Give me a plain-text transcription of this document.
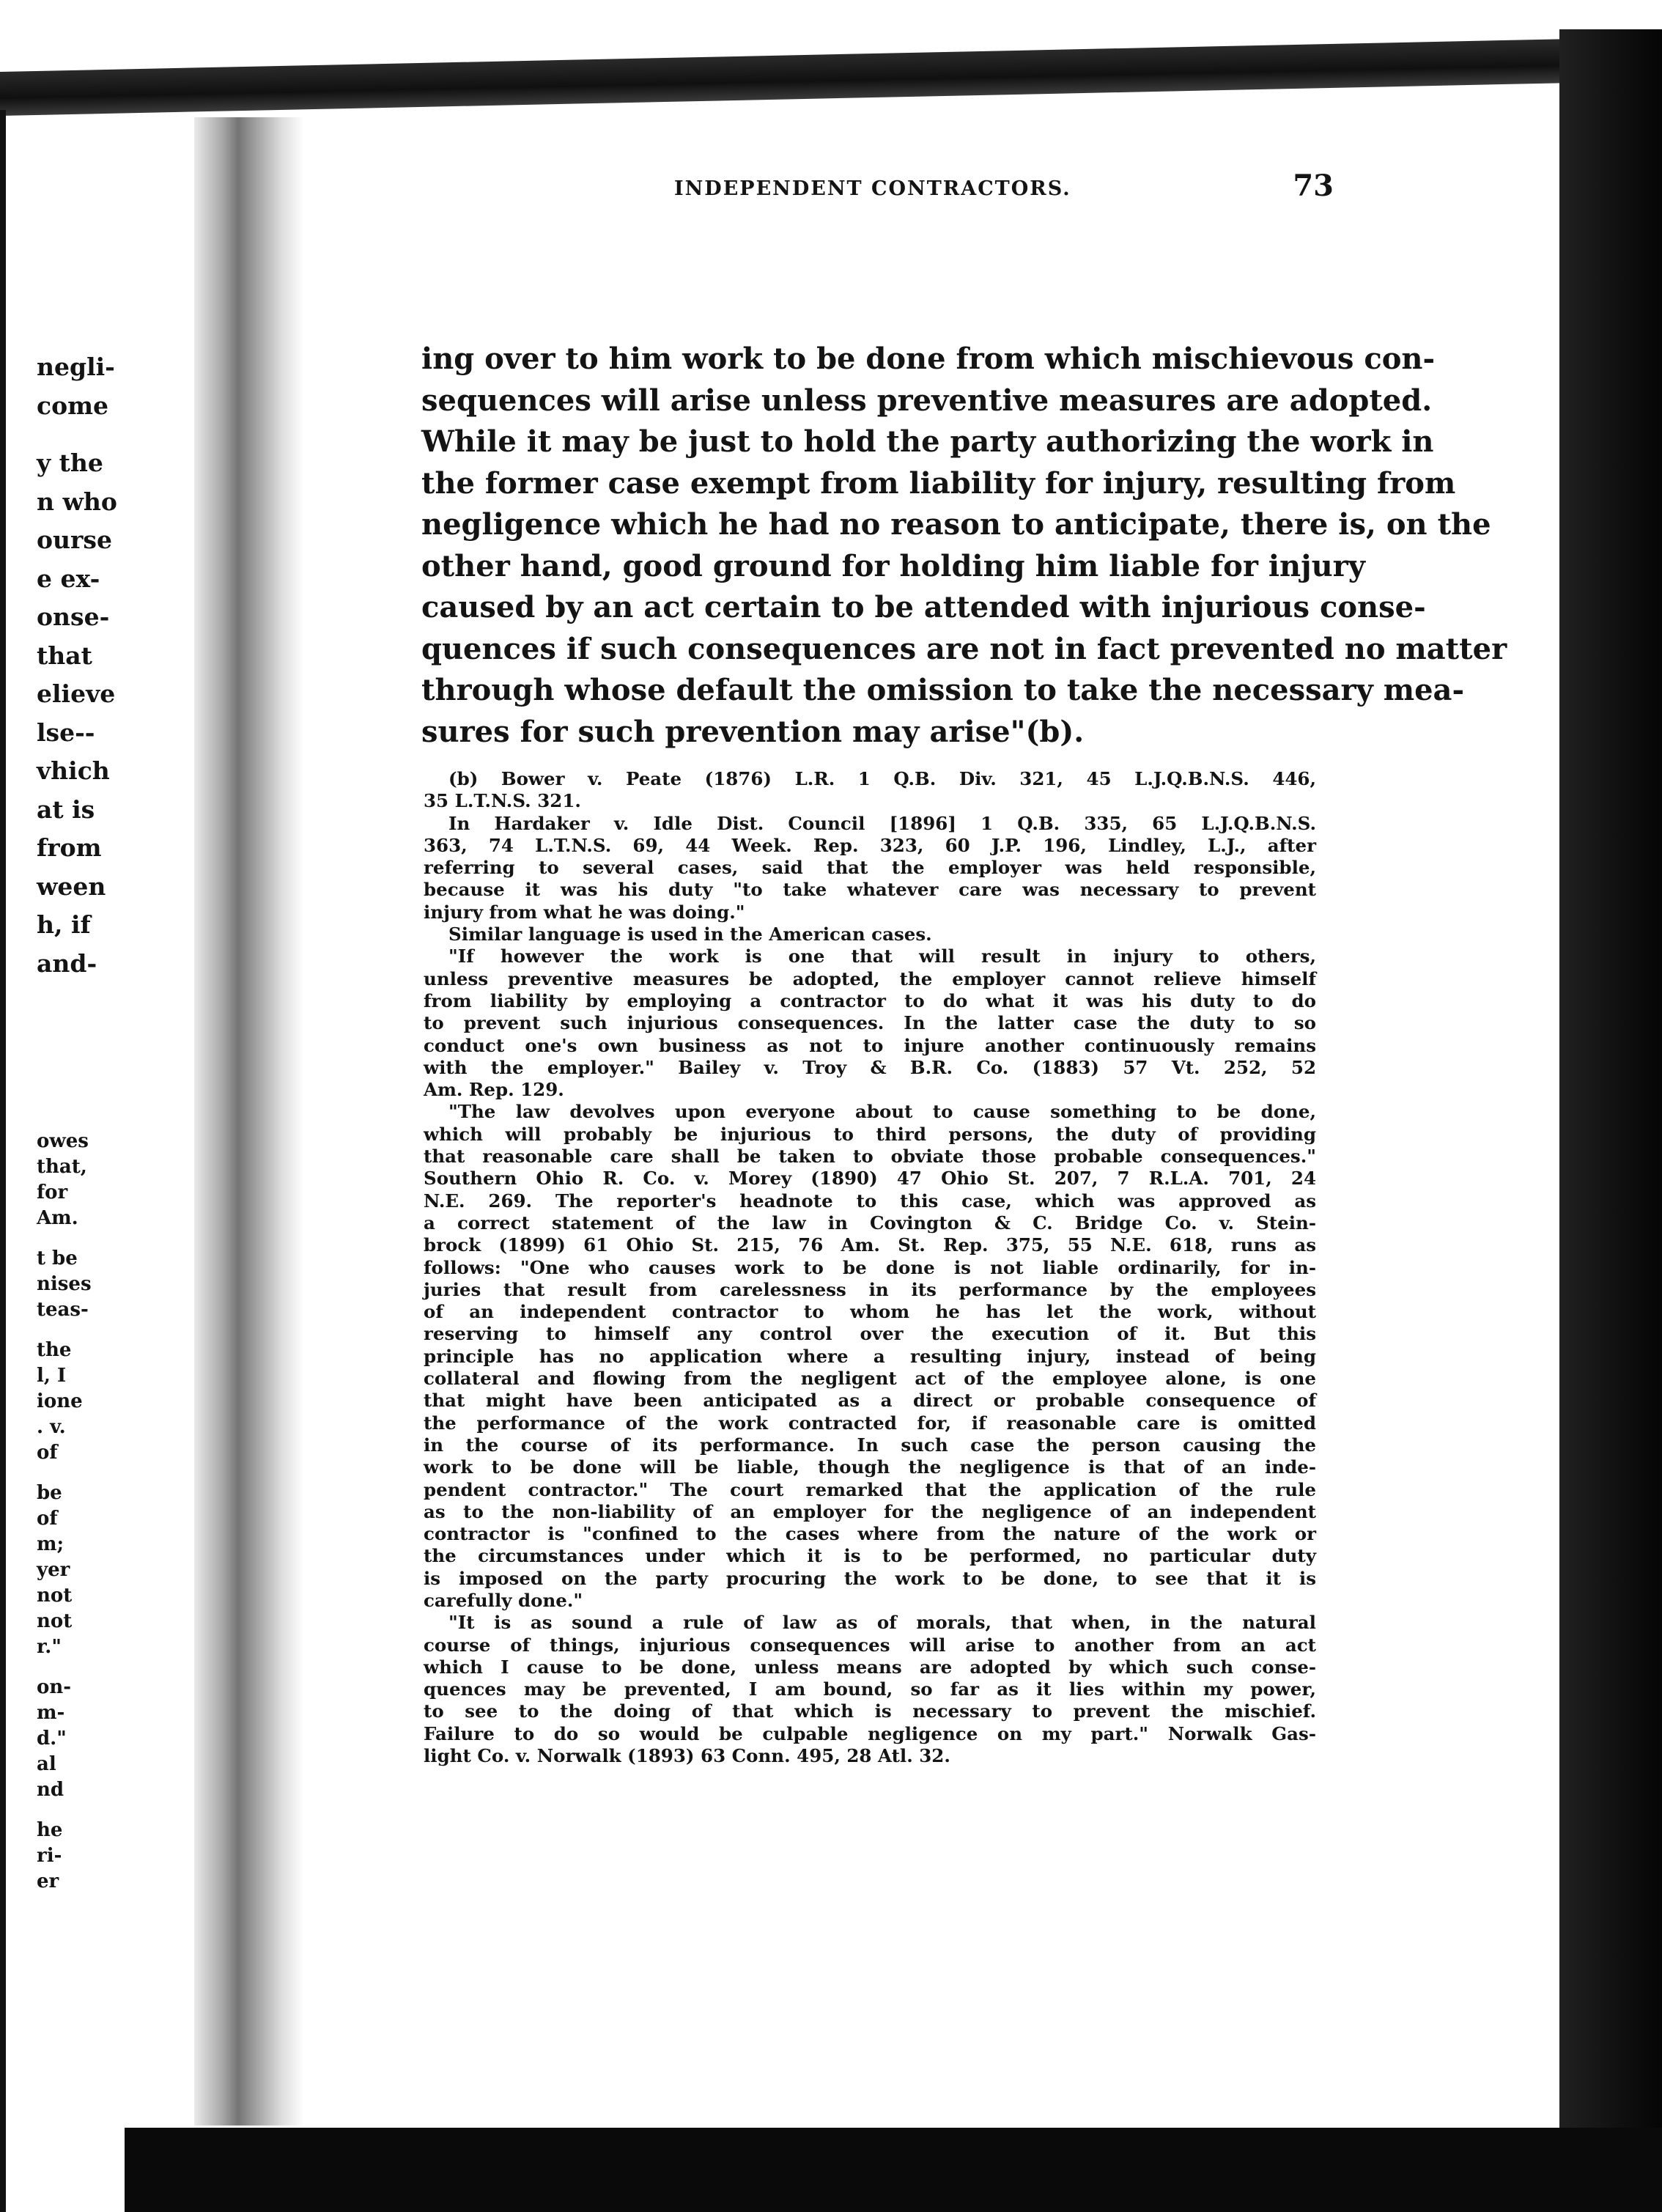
negli-
come
y the
n who
ourse
e ex-
onse-
that
elieve
lse--
vhich
at is
from
ween
h, if
and-
owes
that,
for
Am.
t be
nises
teas-
the
l, I
ione
. v.
of
be
of
m;
yer
not
not
r."
on-
m-
d."
al
nd
he
ri-
er
INDEPENDENT CONTRACTORS.	73
ing over to him work to be done from which mischievous con-
sequences will arise unless preventive measures are adopted.
While it may be just to hold the party authorizing the work in
the former case exempt from liability for injury, resulting from
negligence which he had no reason to anticipate, there is, on the
other hand, good ground for holding him liable for injury
caused by an act certain to be attended with injurious conse-
quences if such consequences are not in fact prevented no matter
through whose default the omission to take the necessary mea-
sures for such prevention may arise"(b).
(b) Bower v. Peate (1876) L.R. 1 Q.B. Div. 321, 45 L.J.Q.B.N.S. 446,
35 L.T.N.S. 321.
In Hardaker v. Idle Dist. Council [1896] 1 Q.B. 335, 65 L.J.Q.B.N.S.
363, 74 L.T.N.S. 69, 44 Week. Rep. 323, 60 J.P. 196, Lindley, L.J., after
referring to several cases, said that the employer was held responsible,
because it was his duty "to take whatever care was necessary to prevent
injury from what he was doing."
Similar language is used in the American cases.
"If however the work is one that will result in injury to others,
unless preventive measures be adopted, the employer cannot relieve himself
from liability by employing a contractor to do what it was his duty to do
to prevent such injurious consequences. In the latter case the duty to so
conduct one's own business as not to injure another continuously remains
with the employer." Bailey v. Troy & B.R. Co. (1883) 57 Vt. 252, 52
Am. Rep. 129.
"The law devolves upon everyone about to cause something to be done,
which will probably be injurious to third persons, the duty of providing
that reasonable care shall be taken to obviate those probable consequences."
Southern Ohio R. Co. v. Morey (1890) 47 Ohio St. 207, 7 R.L.A. 701, 24
N.E. 269. The reporter's headnote to this case, which was approved as
a correct statement of the law in Covington & C. Bridge Co. v. Stein-
brock (1899) 61 Ohio St. 215, 76 Am. St. Rep. 375, 55 N.E. 618, runs as
follows: "One who causes work to be done is not liable ordinarily, for in-
juries that result from carelessness in its performance by the employees
of an independent contractor to whom he has let the work, without
reserving to himself any control over the execution of it. But this
principle has no application where a resulting injury, instead of being
collateral and flowing from the negligent act of the employee alone, is one
that might have been anticipated as a direct or probable consequence of
the performance of the work contracted for, if reasonable care is omitted
in the course of its performance. In such case the person causing the
work to be done will be liable, though the negligence is that of an inde-
pendent contractor." The court remarked that the application of the rule
as to the non-liability of an employer for the negligence of an independent
contractor is "confined to the cases where from the nature of the work or
the circumstances under which it is to be performed, no particular duty
is imposed on the party procuring the work to be done, to see that it is
carefully done."
"It is as sound a rule of law as of morals, that when, in the natural
course of things, injurious consequences will arise to another from an act
which I cause to be done, unless means are adopted by which such conse-
quences may be prevented, I am bound, so far as it lies within my power,
to see to the doing of that which is necessary to prevent the mischief.
Failure to do so would be culpable negligence on my part." Norwalk Gas-
light Co. v. Norwalk (1893) 63 Conn. 495, 28 Atl. 32.
